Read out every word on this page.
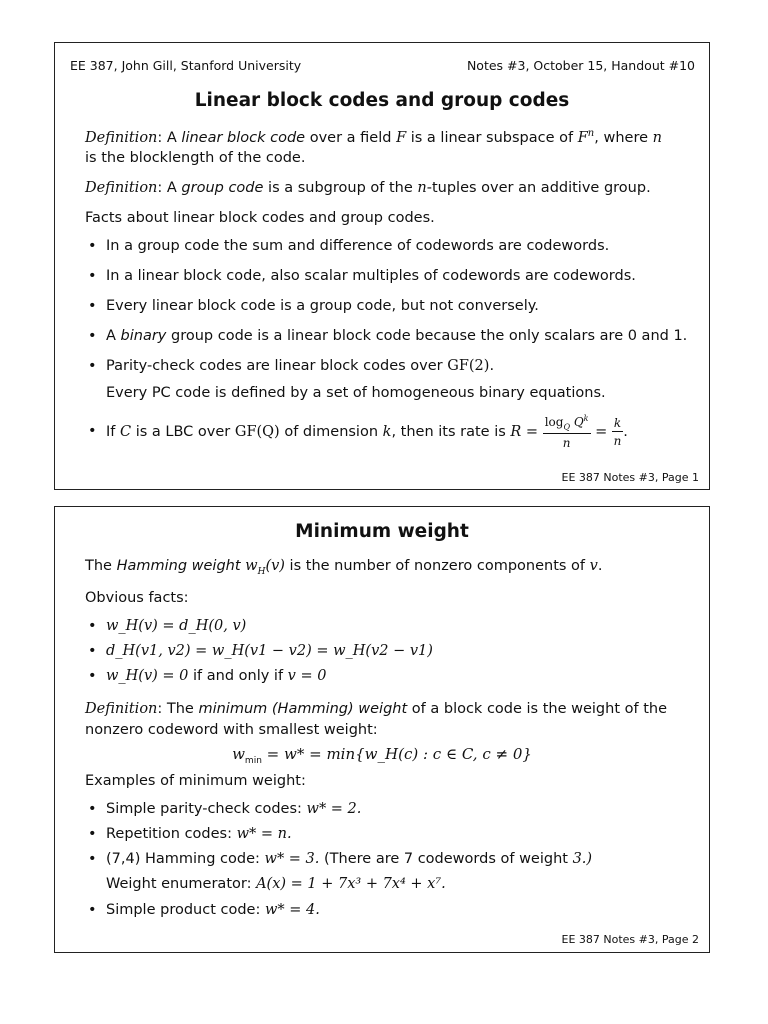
EE 387, John Gill, Stanford University	Notes #3, October 15, Handout #10
Linear block codes and group codes
Definition: A linear block code over a field F is a linear subspace of $F^n$, where n
is the blocklength of the code.
Definition: A group code is a subgroup of the n-tuples over an additive group.
Facts about linear block codes and group codes.
• In a group code the sum and difference of codewords are codewords.
• In a linear block code, also scalar multiples of codewords are codewords.
• Every linear block code is a group code, but not conversely.
• A binary group code is a linear block code because the only scalars are 0 and 1.
• Parity-check codes are linear block codes over GF(2).
Every PC code is defined by a set of homogeneous binary equations.
• If C is a LBC over GF(Q) of dimension k, then its rate is $R = \frac{\log_Q Q^k}{n} = \frac{k}{n}$ .
EE 387 Notes #3, Page 1
Minimum weight
The Hamming weight $w_H(v)$ is the number of nonzero components of v.
Obvious facts:
• w_H(v) = d_H(0, v)
• d_H(v1, v2) = w_H(v1 − v2) = w_H(v2 − v1)
• w_H(v) = 0 if and only if v = 0
Definition: The minimum (Hamming) weight of a block code is the weight of the
nonzero codeword with smallest weight:
$w_{min} = w*$ = min{w_H(c) : c ∈ C, c ≠ 0}
Examples of minimum weight:
• Simple parity-check codes: w* = 2.
• Repetition codes: w* = n.
• (7,4) Hamming code: w* = 3. (There are 7 codewords of weight 3.)
Weight enumerator: A(x) = 1 + 7x³ + 7x⁴ + x⁷.
• Simple product code: w* = 4.
EE 387 Notes #3, Page 2
